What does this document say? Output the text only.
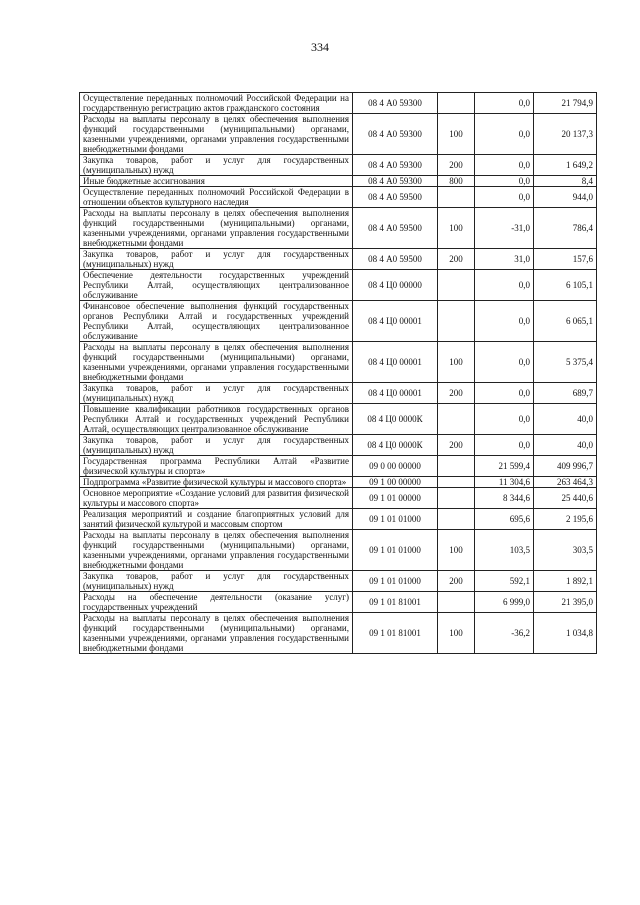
334
Осуществление переданных полномочий Российской Федерации на государственную регистрацию актов гражданского состояния	08 4 А0 59300		0,0	21 794,9
Расходы на выплаты персоналу в целях обеспечения выполнения функций государственными (муниципальными) органами, казенными учреждениями, органами управления государственными внебюджетными фондами	08 4 А0 59300	100	0,0	20 137,3
Закупка товаров, работ и услуг для государственных (муниципальных) нужд	08 4 А0 59300	200	0,0	1 649,2
Иные бюджетные ассигнования	08 4 А0 59300	800	0,0	8,4
Осуществление переданных полномочий Российской Федерации в отношении объектов культурного наследия	08 4 А0 59500		0,0	944,0
Расходы на выплаты персоналу в целях обеспечения выполнения функций государственными (муниципальными) органами, казенными учреждениями, органами управления государственными внебюджетными фондами	08 4 А0 59500	100	-31,0	786,4
Закупка товаров, работ и услуг для государственных (муниципальных) нужд	08 4 А0 59500	200	31,0	157,6
Обеспечение деятельности государственных учреждений Республики Алтай, осуществляющих централизованное обслуживание	08 4 Ц0 00000		0,0	6 105,1
Финансовое обеспечение выполнения функций государственных органов Республики Алтай и государственных учреждений Республики Алтай, осуществляющих централизованное обслуживание	08 4 Ц0 00001		0,0	6 065,1
Расходы на выплаты персоналу в целях обеспечения выполнения функций государственными (муниципальными) органами, казенными учреждениями, органами управления государственными внебюджетными фондами	08 4 Ц0 00001	100	0,0	5 375,4
Закупка товаров, работ и услуг для государственных (муниципальных) нужд	08 4 Ц0 00001	200	0,0	689,7
Повышение квалификации работников государственных органов Республики Алтай и государственных учреждений Республики Алтай, осуществляющих централизованное обслуживание	08 4 Ц0 0000К		0,0	40,0
Закупка товаров, работ и услуг для государственных (муниципальных) нужд	08 4 Ц0 0000К	200	0,0	40,0
Государственная программа Республики Алтай «Развитие физической культуры и спорта»	09 0 00 00000		21 599,4	409 996,7
Подпрограмма «Развитие физической культуры и массового спорта»	09 1 00 00000		11 304,6	263 464,3
Основное мероприятие «Создание условий для развития физической культуры и массового спорта»	09 1 01 00000		8 344,6	25 440,6
Реализация мероприятий и создание благоприятных условий для занятий физической культурой и массовым спортом	09 1 01 01000		695,6	2 195,6
Расходы на выплаты персоналу в целях обеспечения выполнения функций государственными (муниципальными) органами, казенными учреждениями, органами управления государственными внебюджетными фондами	09 1 01 01000	100	103,5	303,5
Закупка товаров, работ и услуг для государственных (муниципальных) нужд	09 1 01 01000	200	592,1	1 892,1
Расходы на обеспечение деятельности (оказание услуг) государственных учреждений	09 1 01 81001		6 999,0	21 395,0
Расходы на выплаты персоналу в целях обеспечения выполнения функций государственными (муниципальными) органами, казенными учреждениями, органами управления государственными внебюджетными фондами	09 1 01 81001	100	-36,2	1 034,8
